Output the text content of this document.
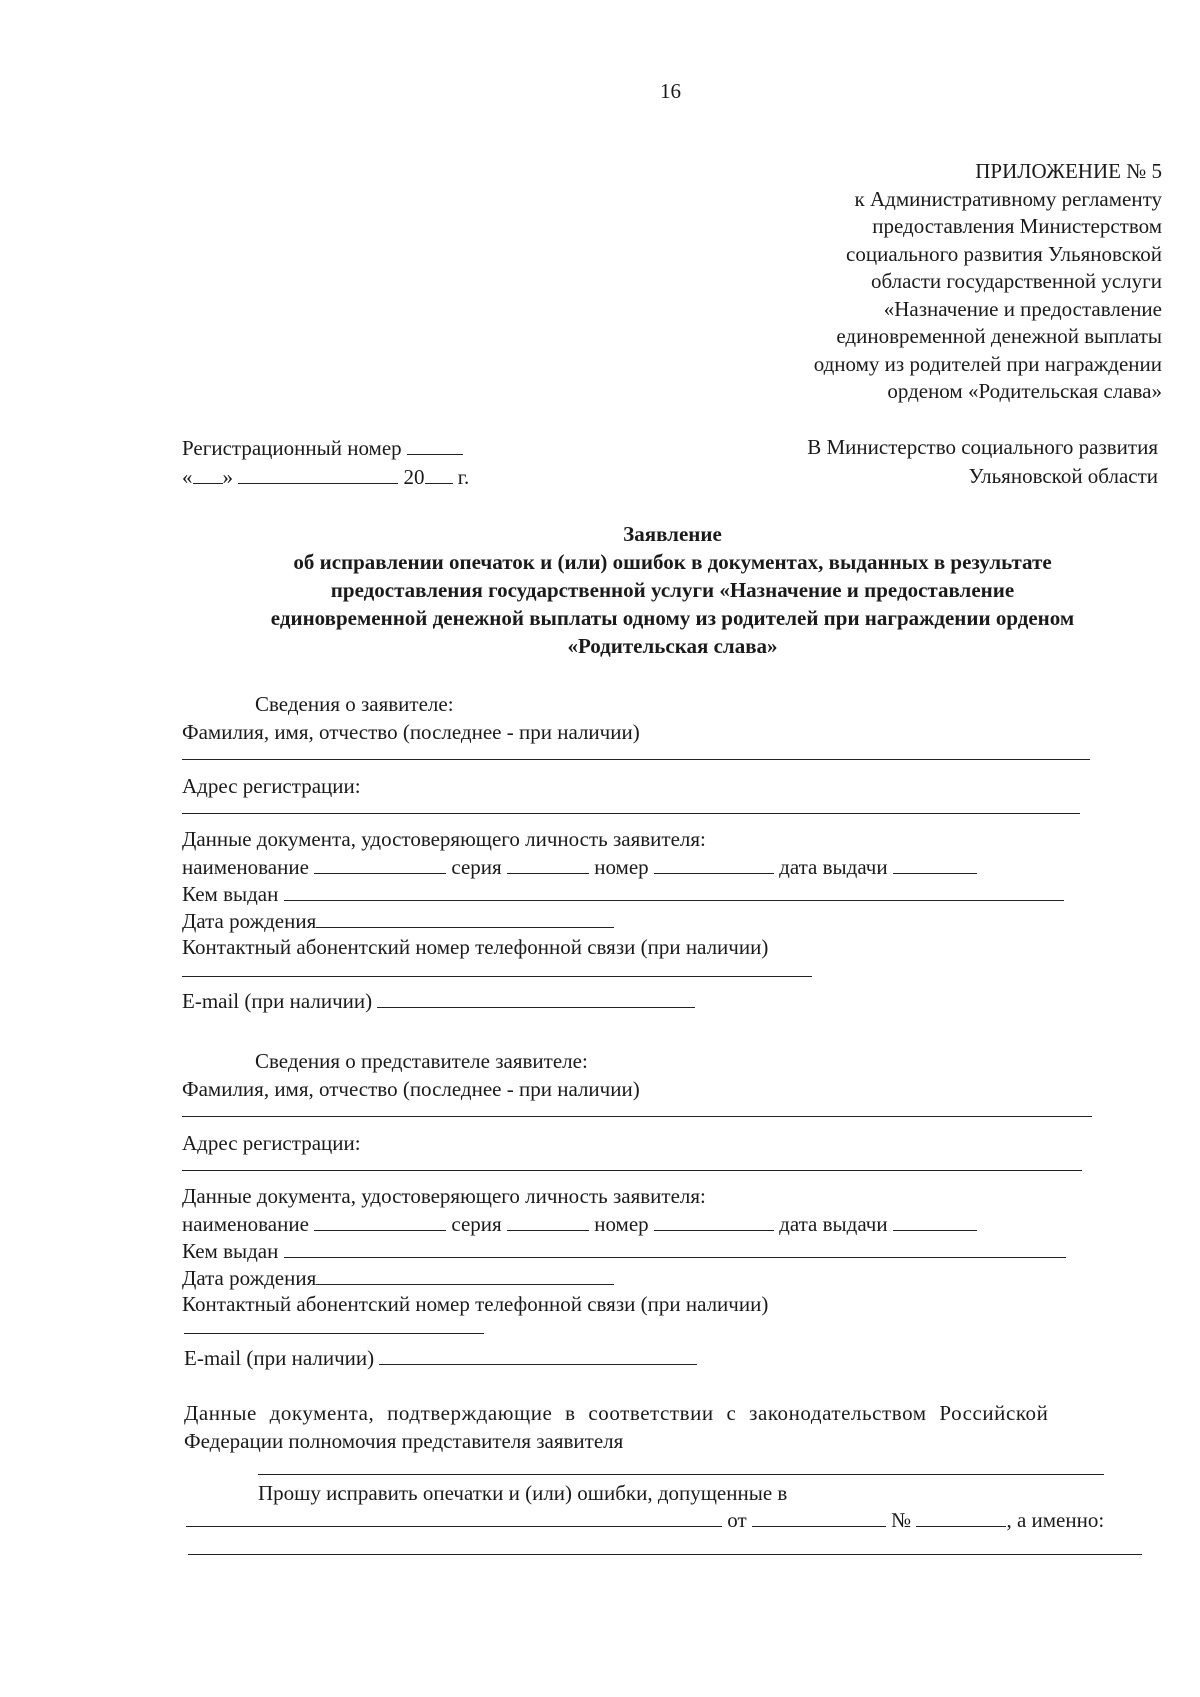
16

ПРИЛОЖЕНИЕ № 5

к Административному регламенту

предоставления Министерством

социального развития Ульяновской

области государственной услуги

«Назначение и предоставление

единовременной денежной выплаты

одному из родителей при награждении

орденом «Родительская слава»

Регистрационный номер

« »	20 г.

В Министерство социального развития

Ульяновской области

Заявление

об исправлении опечаток и (или) ошибок в документах, выданных в результате

предоставления государственной услуги «Назначение и предоставление

единовременной денежной выплаты одному из родителей при награждении орденом

«Родительская слава»

Сведения о заявителе:

Фамилия, имя, отчество (последнее - при наличии)

Адрес регистрации:

Данные документа, удостоверяющего личность заявителя:

наименование	серия	номер	дата выдачи

Кем выдан

Дата рождения

Контактный абонентский номер телефонной связи (при наличии)

E-mail (при наличии)

Сведения о представителе заявителе:

Фамилия, имя, отчество (последнее - при наличии)

Адрес регистрации:

Данные документа, удостоверяющего личность заявителя:

наименование	серия	номер	дата выдачи

Кем выдан

Дата рождения

Контактный абонентский номер телефонной связи (при наличии)

E-mail (при наличии)

Данные документа, подтверждающие в соответствии с законодательством Российской

Федерации полномочия представителя заявителя

Прошу исправить опечатки и (или) ошибки, допущенные в

от	№	, а именно:
